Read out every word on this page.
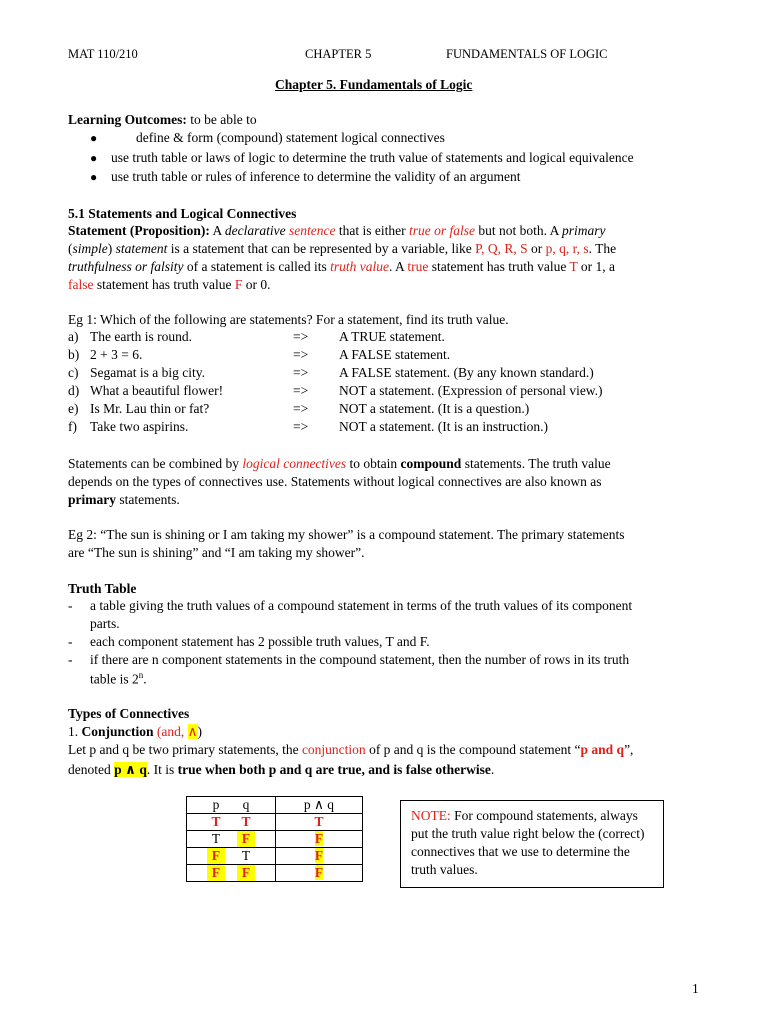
MAT 110/210	CHAPTER 5	FUNDAMENTALS OF LOGIC
Chapter 5. Fundamentals of Logic
Learning Outcomes: to be able to
●	define & form (compound) statement logical connectives
● use truth table or laws of logic to determine the truth value of statements and logical equivalence
● use truth table or rules of inference to determine the validity of an argument
5.1 Statements and Logical Connectives
Statement (Proposition): A declarative sentence that is either true or false but not both. A primary
(simple) statement is a statement that can be represented by a variable, like P, Q, R, S or p, q, r, s. The
truthfulness or falsity of a statement is called its truth value. A true statement has truth value T or 1, a
false statement has truth value F or 0.
Eg 1: Which of the following are statements? For a statement, find its truth value.
a) The earth is round.	=> A TRUE statement.
b) 2 + 3 = 6.	=> A FALSE statement.
c) Segamat is a big city.	=> A FALSE statement. (By any known standard.)
d) What a beautiful flower!	=> NOT a statement. (Expression of personal view.)
e) Is Mr. Lau thin or fat?	=> NOT a statement. (It is a question.)
f) Take two aspirins.	=> NOT a statement. (It is an instruction.)
Statements can be combined by logical connectives to obtain compound statements. The truth value
depends on the types of connectives use. Statements without logical connectives are also known as
primary statements.
Eg 2: “The sun is shining or I am taking my shower” is a compound statement. The primary statements
are “The sun is shining” and “I am taking my shower”.
Truth Table
- a table giving the truth values of a compound statement in terms of the truth values of its component
parts.
- each component statement has 2 possible truth values, T and F.
- if there are n component statements in the compound statement, then the number of rows in its truth
table is 2$^n$.
Types of Connectives
1. Conjunction (and, ∧)
Let p and q be two primary statements, the conjunction of p and q is the compound statement “p and q”,
denoted p ∧ q. It is true when both p and q are true, and is false otherwise.
p q	p ∧ q
T T	T
T F	F
F T	F
F F	F
NOTE: For compound statements, always put the truth value right below the (correct) connectives that we use to determine the truth values.
1
